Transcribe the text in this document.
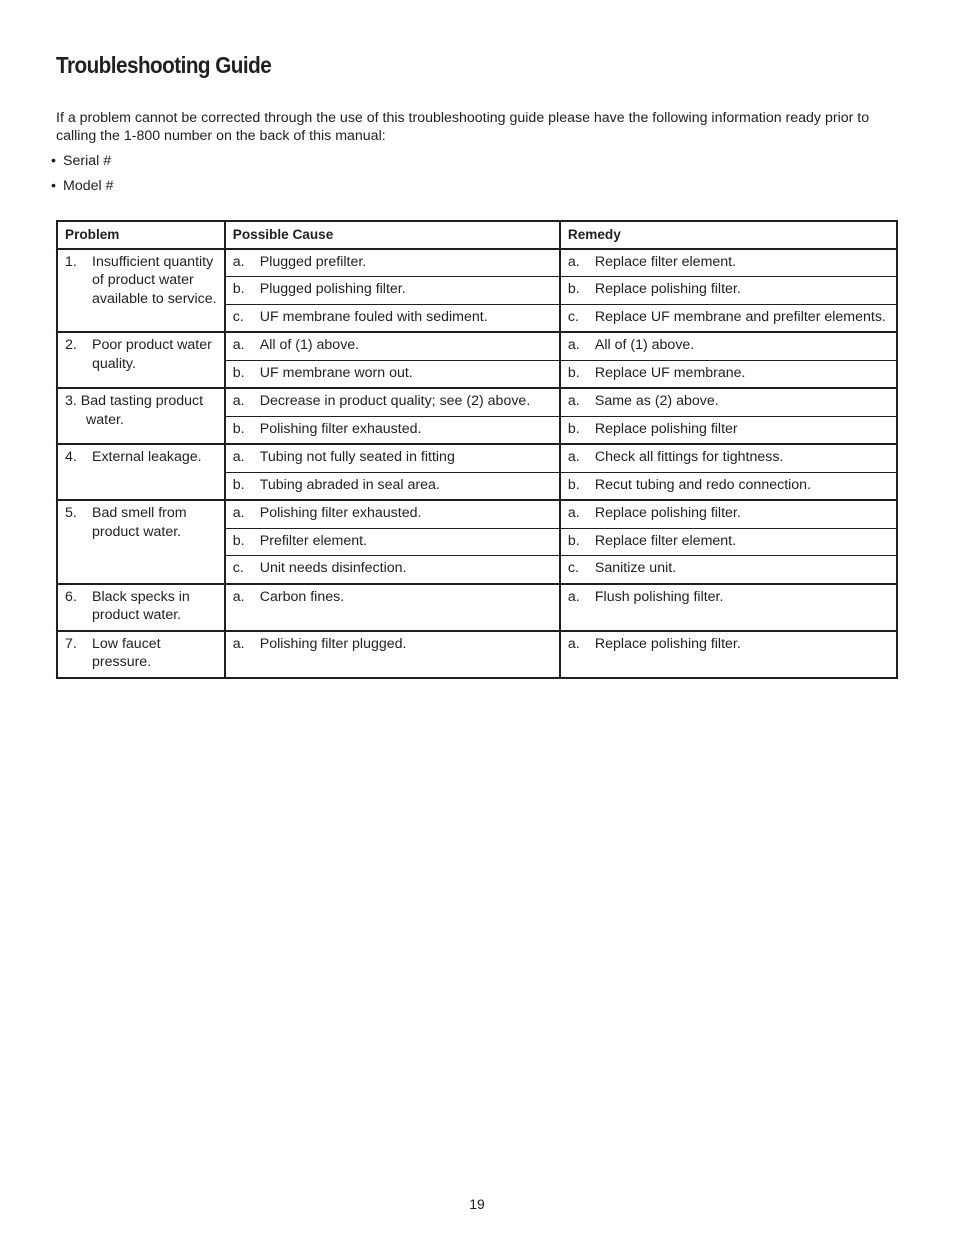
Troubleshooting Guide
If a problem cannot be corrected through the use of this troubleshooting guide please have the following information ready prior to calling the 1-800 number on the back of this manual:
• Serial #
• Model #
Problem	Possible Cause	Remedy

1. Insufficient quantity of product water available to service.	a. Plugged prefilter.	a. Replace filter element.

	b. Plugged polishing filter.	b. Replace polishing filter.

	c. UF membrane fouled with sediment.	c. Replace UF membrane and prefilter elements.

2. Poor product water quality.	a. All of (1) above.	a. All of (1) above.

	b. UF membrane worn out.	b. Replace UF membrane.

3. Bad tasting product water.	a. Decrease in product quality; see (2) above.	a. Same as (2) above.

	b. Polishing filter exhausted.	b. Replace polishing filter

4. External leakage.	a. Tubing not fully seated in fitting	a. Check all fittings for tightness.

	b. Tubing abraded in seal area.	b. Recut tubing and redo connection.

5. Bad smell from product water.	a. Polishing filter exhausted.	a. Replace polishing filter.

	b. Prefilter element.	b. Replace filter element.

	c. Unit needs disinfection.	c. Sanitize unit.

6. Black specks in product water.	a. Carbon fines.	a. Flush polishing filter.

7. Low faucet pressure.	a. Polishing filter plugged.	a. Replace polishing filter.
19
